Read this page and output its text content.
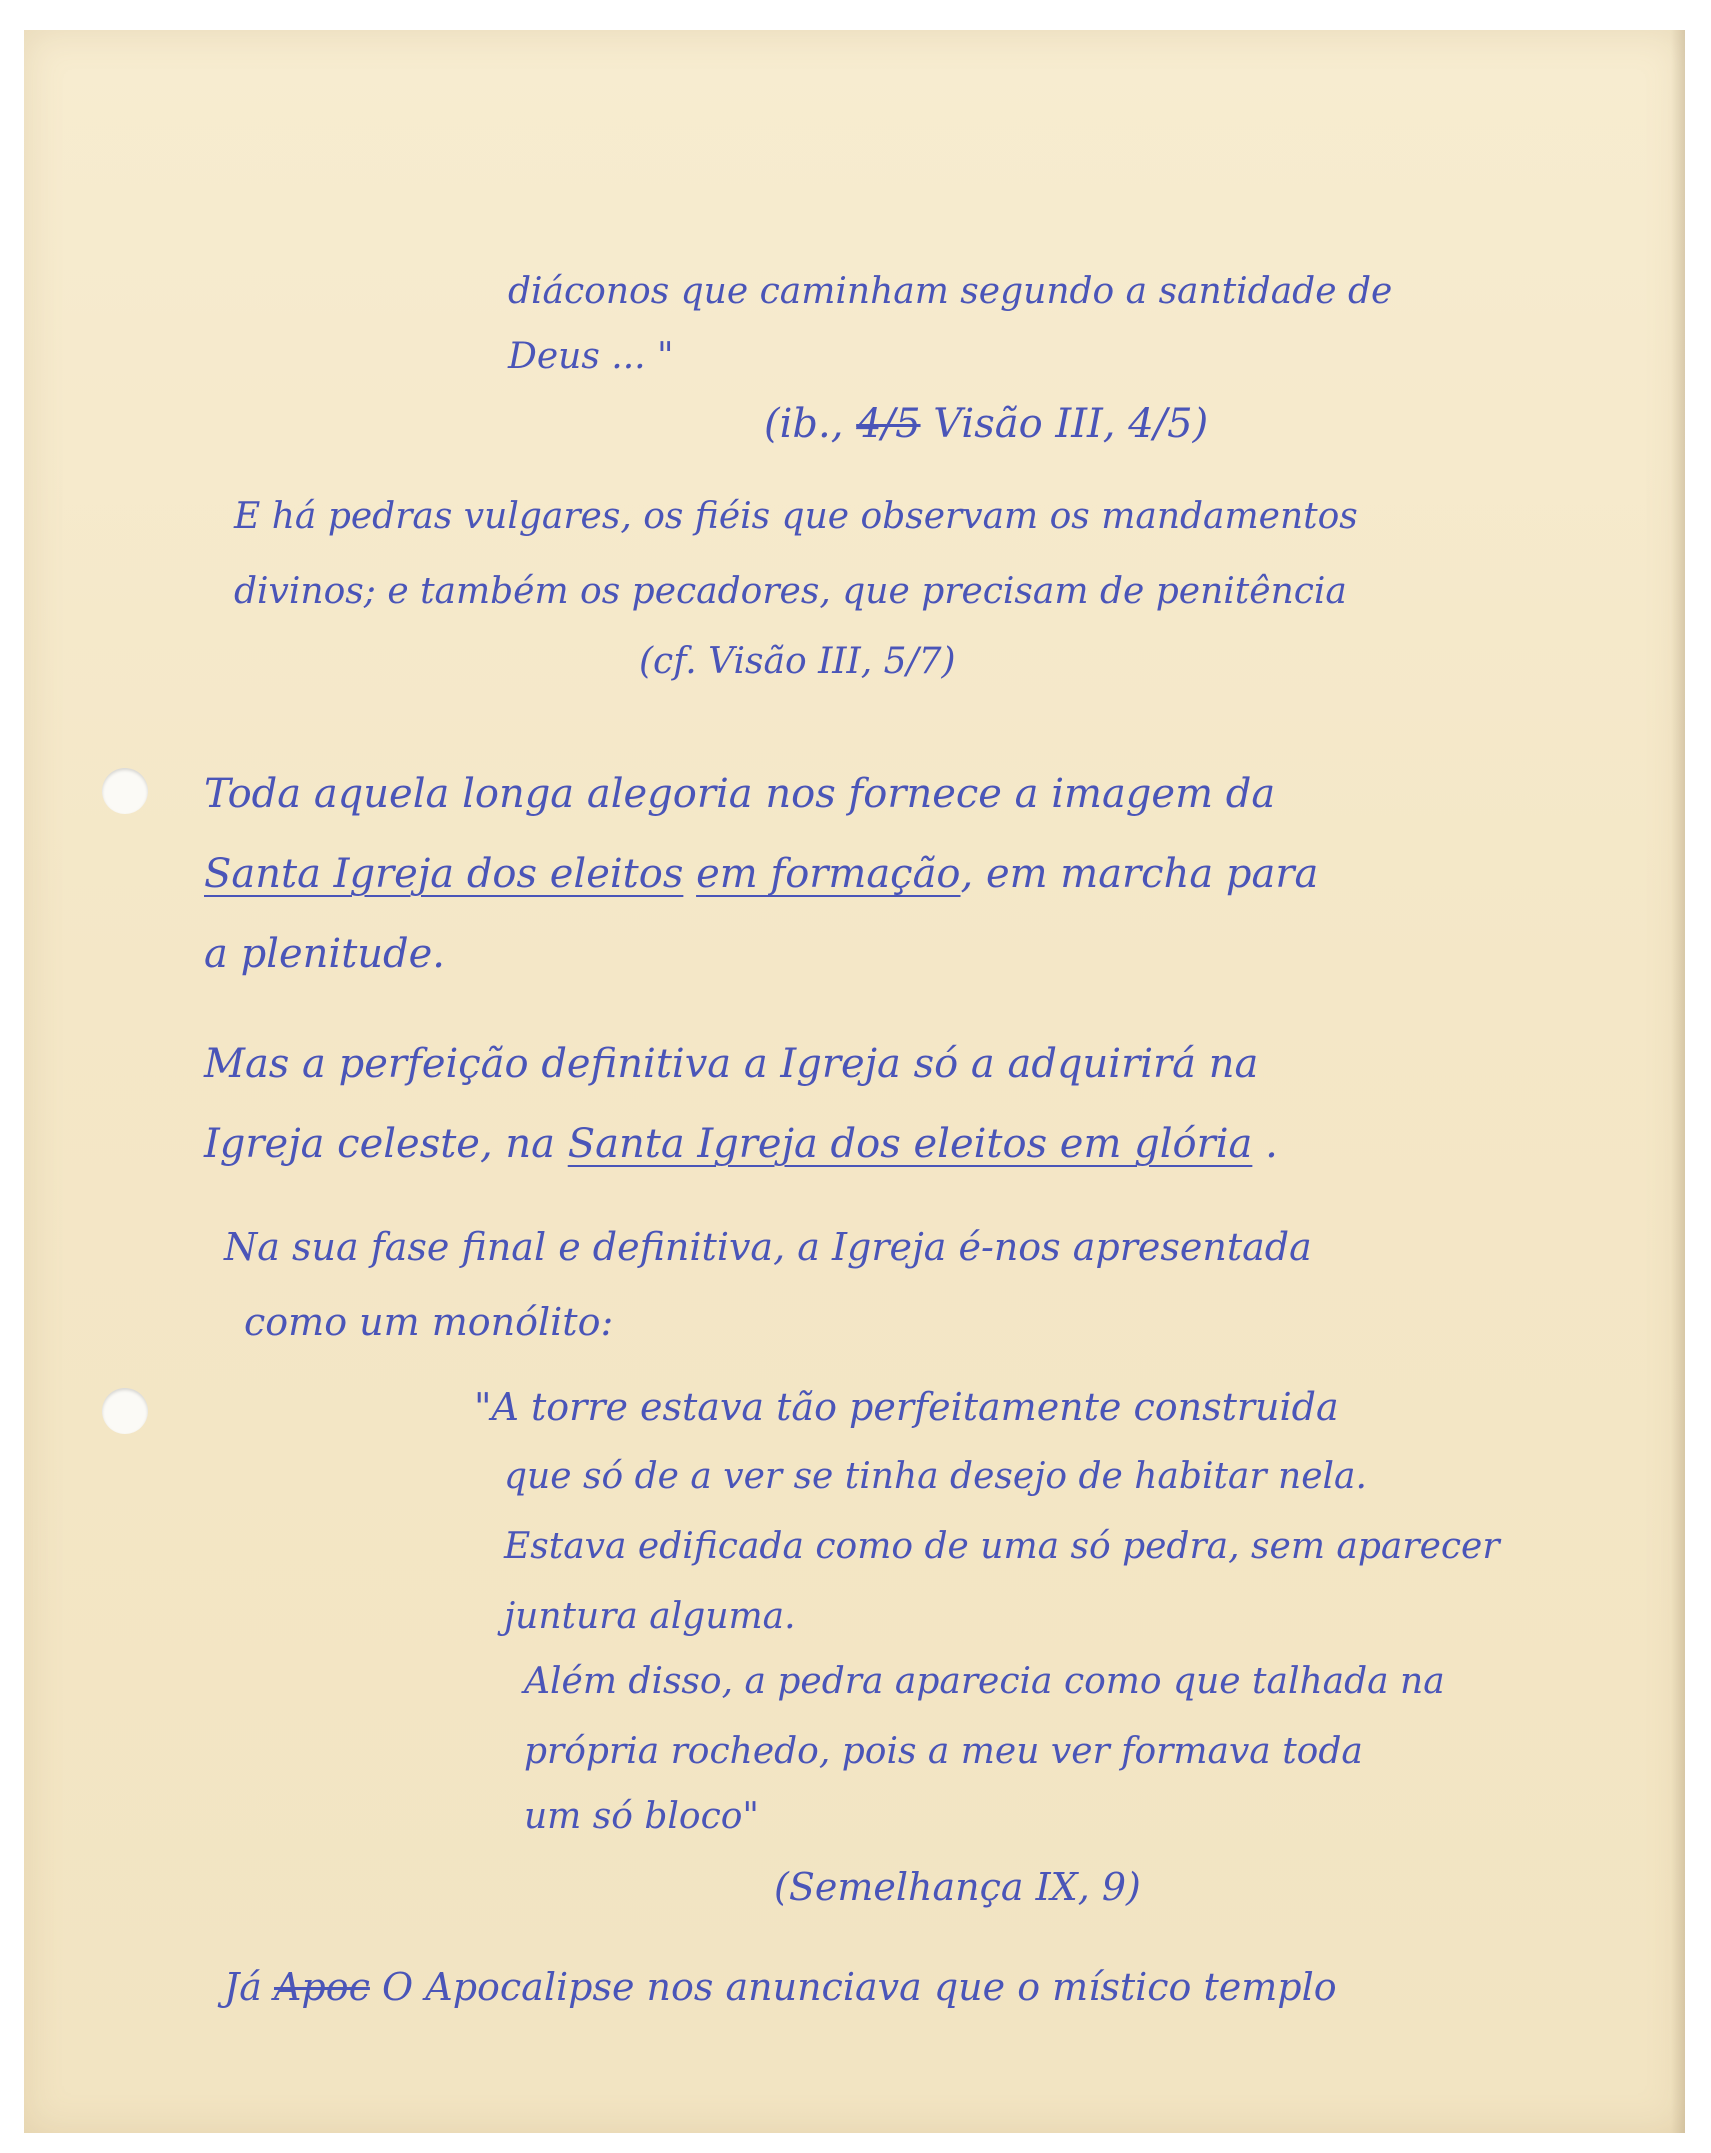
diáconos que caminham segundo a santidade de
Deus ... "
(ib., 4/5 Visão III, 4/5)
E há pedras vulgares, os fiéis que observam os mandamentos
divinos; e também os pecadores, que precisam de penitência
(cf. Visão III, 5/7)
Toda aquela longa alegoria nos fornece a imagem da
Santa Igreja dos eleitos em formação, em marcha para
a plenitude.
Mas a perfeição definitiva a Igreja só a adquirirá na
Igreja celeste, na Santa Igreja dos eleitos em glória .
Na sua fase final e definitiva, a Igreja é-nos apresentada
como um monólito:
"A torre estava tão perfeitamente construida
que só de a ver se tinha desejo de habitar nela.
Estava edificada como de uma só pedra, sem aparecer
juntura alguma.
Além disso, a pedra aparecia como que talhada na
própria rochedo, pois a meu ver formava toda
um só bloco"
(Semelhança IX, 9)
Já Apoc O Apocalipse nos anunciava que o místico templo
